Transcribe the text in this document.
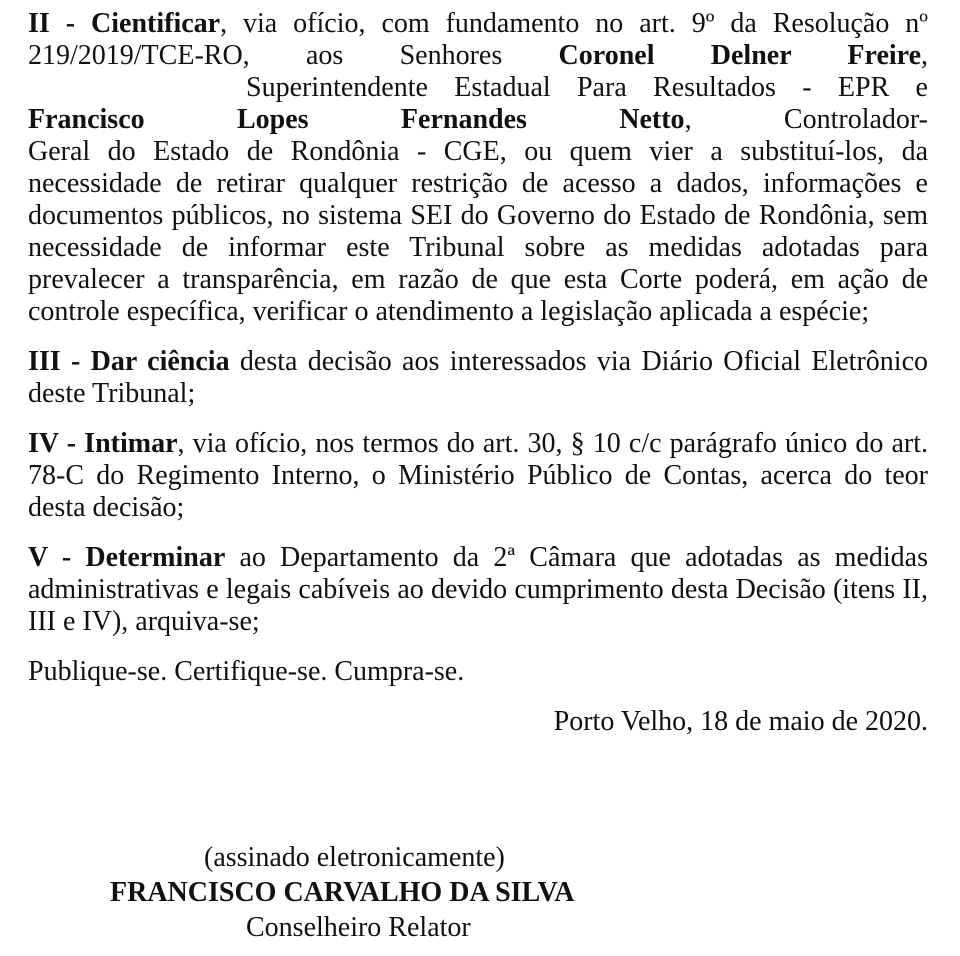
II - Cientificar, via ofício, com fundamento no art. 9º da Resolução nº
219/2019/TCE-RO, aos Senhores Coronel Delner Freire,
Superintendente Estadual Para Resultados - EPR e
Francisco Lopes Fernandes Netto,	Controlador-
Geral do Estado de Rondônia - CGE, ou quem vier a substituí-los, da necessidade de retirar qualquer restrição de acesso a dados, informações e documentos públicos, no sistema SEI do Governo do Estado de Rondônia, sem necessidade de informar este Tribunal sobre as medidas adotadas para prevalecer a transparência, em razão de que esta Corte poderá, em ação de controle específica, verificar o atendimento a legislação aplicada a espécie;

III - Dar ciência desta decisão aos interessados via Diário Oficial Eletrônico deste Tribunal;

IV - Intimar, via ofício, nos termos do art. 30, § 10 c/c parágrafo único do art. 78-C do Regimento Interno, o Ministério Público de Contas, acerca do teor desta decisão;

V - Determinar ao Departamento da 2ª Câmara que adotadas as medidas administrativas e legais cabíveis ao devido cumprimento desta Decisão (itens II, III e IV), arquiva-se;

Publique-se. Certifique-se. Cumpra-se.

Porto Velho, 18 de maio de 2020.

(assinado eletronicamente)
FRANCISCO CARVALHO DA SILVA
Conselheiro Relator
